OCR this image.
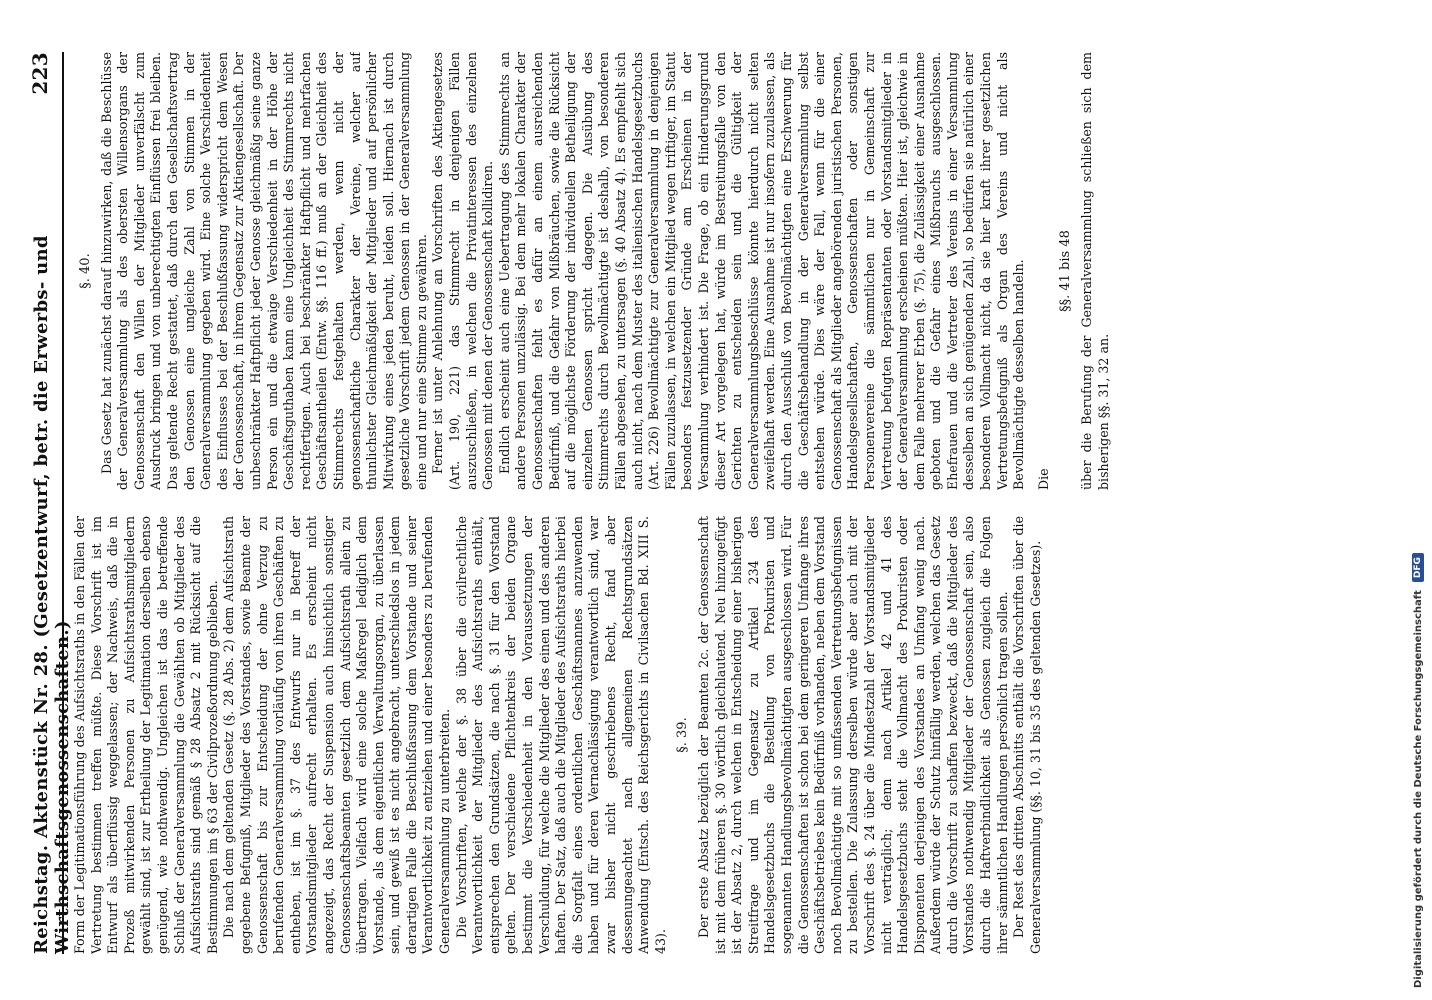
Reichstag. Aktenstück Nr. 28. (Gesetzentwurf, betr. die Erwerbs- und Wirthschaftsgenossenschaften.)
223

Form der Legitimationsführung des Aufsichtsraths in den Fällen der Vertretung bestimmen treffen müßte. Diese Vorschrift ist im Entwurf als überflüssig weggelassen; der Nachweis, daß die in Prozeß mitwirkenden Personen zu Aufsichtsrathsmitgliedern gewählt sind, ist zur Ertheilung der Legitimation derselben ebenso genügend, wie nothwendig. Ungleichen ist das die betreffende Schluß der Generalversammlung die Gewählten ob Mitglieder des Aufsichtsraths sind gemäß § 28 Absatz 2 mit Rücksicht auf die Bestimmungen im § 63 der Civilprozeßordnung geblieben. Die nach dem geltenden Gesetz (§. 28 Abs. 2) dem Aufsichtsrath gegebene Befugniß, Mitglieder des Vorstandes, sowie Beamte der Genossenschaft bis zur Entscheidung der ohne Verzug zu berufenden Generalversammlung vorläufig von ihren Geschäften zu entheben, ist im §. 37 des Entwurfs nur in Betreff der Vorstandsmitglieder aufrecht erhalten. Es erscheint nicht angezeigt, das Recht der Suspension auch hinsichtlich sonstiger Genossenschaftsbeamten gesetzlich dem Aufsichtsrath allein zu übertragen. Vielfach wird eine solche Maßregel lediglich dem Vorstande, als dem eigentlichen Verwaltungsorgan, zu überlassen sein, und gewiß ist es nicht angebracht, unterschiedslos in jedem derartigen Falle die Beschlußfassung dem Vorstande und seiner Verantwortlichkeit zu entziehen und einer besonders zu berufenden Generalversammlung zu unterbreiten. Die Vorschriften, welche der §. 38 über die civilrechtliche Verantwortlichkeit der Mitglieder des Aufsichtsraths enthält, entsprechen den Grundsätzen, die nach §. 31 für den Vorstand gelten. Der verschiedene Pflichtenkreis der beiden Organe bestimmt die Verschiedenheit in den Voraussetzungen der Verschuldung, für welche die Mitglieder des einen und des anderen haften. Der Satz, daß auch die Mitglieder des Aufsichtsraths hierbei die Sorgfalt eines ordentlichen Geschäftsmannes anzuwenden haben und für deren Vernachlässigung verantwortlich sind, war zwar bisher nicht geschriebenes Recht, fand aber dessenungeachtet nach allgemeinen Rechtsgrundsätzen Anwendung (Entsch. des Reichsgerichts in Civilsachen Bd. XIII S. 43).

§. 39. Der erste Absatz bezüglich der Beamten 2c. der Genossenschaft ist mit dem früheren §. 30 wörtlich gleichlautend. Neu hinzugefügt ist der Absatz 2, durch welchen in Entscheidung einer bisherigen Streitfrage und im Gegensatz zu Artikel 234 des Handelsgesetzbuchs die Bestellung von Prokuristen und sogenannten Handlungsbevollmächtigten ausgeschlossen wird. Für die Genossenschaften ist schon bei dem geringeren Umfange ihres Geschäftsbetriebes kein Bedürfniß vorhanden, neben dem Vorstand noch Bevollmächtigte mit so umfassenden Vertretungsbefugnissen zu bestellen. Die Zulassung derselben würde aber auch mit der Vorschrift des §. 24 über die Mindestzahl der Vorstandsmitglieder nicht verträglich; denn nach Artikel 42 und 41 des Handelsgesetzbuchs steht die Vollmacht des Prokuristen oder Disponenten derjenigen des Vorstandes an Umfang wenig nach. Außerdem würde der Schutz hinfällig werden, welchen das Gesetz durch die Vorschrift zu schaffen bezweckt, daß die Mitglieder des Vorstandes nothwendig Mitglieder der Genossenschaft sein, also durch die Haftverbindlichkeit als Genossen zugleich die Folgen ihrer sämmtlichen Handlungen persönlich tragen sollen. Der Rest des dritten Abschnitts enthält die Vorschriften über die Generalversammlung (§§. 10, 31 bis 35 des geltenden Gesetzes).

§. 40. Das Gesetz hat zunächst darauf hinzuwirken, daß die Beschlüsse der Generalversammlung als des obersten Willensorgans der Genossenschaft den Willen der Mitglieder unverfälscht zum Ausdruck bringen und von unberechtigten Einflüssen frei bleiben. Das geltende Recht gestattet, daß durch den Gesellschaftsvertrag den Genossen eine ungleiche Zahl von Stimmen in der Generalversammlung gegeben wird. Eine solche Verschiedenheit des Einflusses bei der Beschlußfassung widerspricht dem Wesen der Genossenschaft, in ihrem Gegensatz zur Aktiengesellschaft. Der unbeschränkter Haftpflicht jeder Genosse gleichmäßig seine ganze Person ein und die etwaige Verschiedenheit in der Höhe der Geschäftsguthaben kann eine Ungleichheit des Stimmrechts nicht rechtfertigen. Auch bei beschränkter Haftpflicht und mehrfachen Geschäftsantheilen (Entw. §§. 116 ff.) muß an der Gleichheit des Stimmrechts festgehalten werden, wenn nicht der genossenschaftliche Charakter der Vereine, welcher auf thunlichster Gleichmäßigkeit der Mitglieder und auf persönlicher Mitwirkung eines jeden beruht, leiden soll. Hiernach ist durch gesetzliche Vorschrift jedem Genossen in der Generalversammlung eine und nur eine Stimme zu gewähren. Ferner ist unter Anlehnung an Vorschriften des Aktiengesetzes (Art. 190, 221) das Stimmrecht in denjenigen Fällen auszuschließen, in welchen die Privatinteressen des einzelnen Genossen mit denen der Genossenschaft kollidiren. Endlich erscheint auch eine Uebertragung des Stimmrechts an andere Personen unzulässig. Bei dem mehr lokalen Charakter der Genossenschaften fehlt es dafür an einem ausreichenden Bedürfniß, und die Gefahr von Mißbräuchen, sowie die Rücksicht auf die möglichste Förderung der individuellen Betheiligung der einzelnen Genossen spricht dagegen. Die Ausübung des Stimmrechts durch Bevollmächtigte ist deshalb, von besonderen Fällen abgesehen, zu untersagen (§. 40 Absatz 4). Es empfiehlt sich auch nicht, nach dem Muster des italienischen Handelsgesetzbuchs (Art. 226) Bevollmächtigte zur Generalversammlung in denjenigen Fällen zuzulassen, in welchen ein Mitglied wegen triftiger, im Statut besonders festzusetzender Gründe am Erscheinen in der Versammlung verhindert ist. Die Frage, ob ein Hinderungsgrund dieser Art vorgelegen hat, würde im Bestreitungsfalle von den Gerichten zu entscheiden sein und die Gültigkeit der Generalversammlungsbeschlüsse könnte hierdurch nicht selten zweifelhaft werden. Eine Ausnahme ist nur insofern zuzulassen, als durch den Ausschluß von Bevollmächtigten eine Erschwerung für die Geschäftsbehandlung in der Generalversammlung selbst entstehen würde. Dies wäre der Fall, wenn für die einer Genossenschaft als Mitglieder angehörenden juristischen Personen, Handelsgesellschaften, Genossenschaften oder sonstigen Personenvereine die sämmtlichen nur in Gemeinschaft zur Vertretung befugten Repräsentanten oder Vorstandsmitglieder in der Generalversammlung erscheinen müßten. Hier ist, gleichwie in dem Falle mehrerer Erben (§. 75), die Zulässigkeit einer Ausnahme geboten und die Gefahr eines Mißbrauchs ausgeschlossen. Ehefrauen und die Vertreter des Vereins in einer Versammlung desselben an sich genügenden Zahl, so bedürfen sie natürlich einer besonderen Vollmacht nicht, da sie hier kraft ihrer gesetzlichen Vertretungsbefugniß als Organ des Vereins und nicht als Bevollmächtigte desselben handeln. Die

§§. 41 bis 48 über die Berufung der Generalversammlung schließen sich dem bisherigen §§. 31, 32 an.

Digitalisierung gefördert durch die Deutsche Forschungsgemeinschaft
DFG
